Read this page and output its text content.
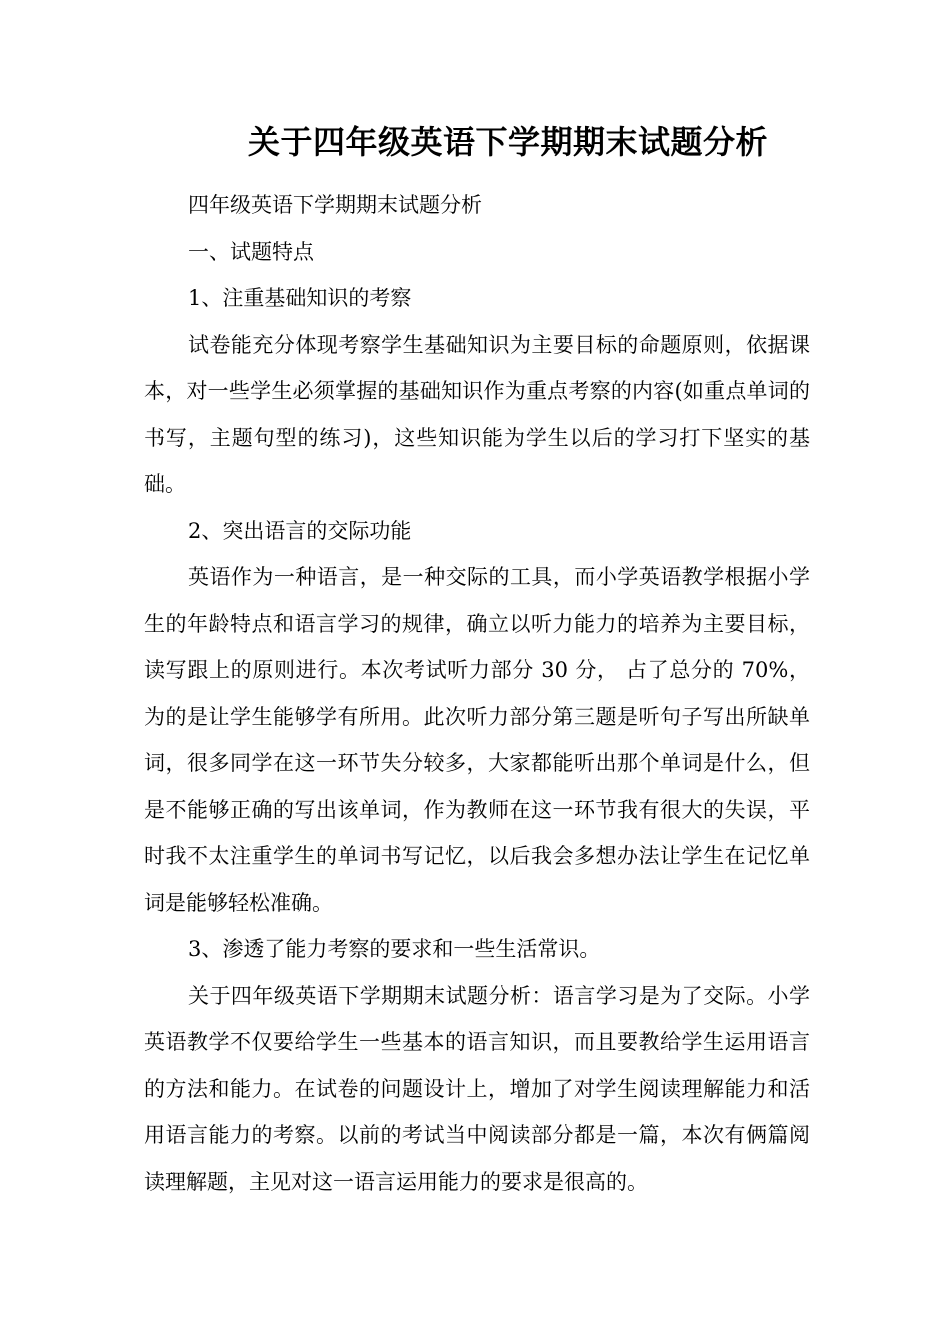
关于四年级英语下学期期末试题分析

四年级英语下学期期末试题分析

一、试题特点

1、注重基础知识的考察

试卷能充分体现考察学生基础知识为主要目标的命题原则，依据课本，对一些学生必须掌握的基础知识作为重点考察的内容(如重点单词的书写，主题句型的练习)，这些知识能为学生以后的学习打下坚实的基础。

2、突出语言的交际功能

英语作为一种语言，是一种交际的工具，而小学英语教学根据小学生的年龄特点和语言学习的规律，确立以听力能力的培养为主要目标，读写跟上的原则进行。本次考试听力部分 30 分， 占了总分的 70%，为的是让学生能够学有所用。此次听力部分第三题是听句子写出所缺单词，很多同学在这一环节失分较多，大家都能听出那个单词是什么，但是不能够正确的写出该单词，作为教师在这一环节我有很大的失误，平时我不太注重学生的单词书写记忆，以后我会多想办法让学生在记忆单词是能够轻松准确。

3、渗透了能力考察的要求和一些生活常识。

关于四年级英语下学期期末试题分析：语言学习是为了交际。小学英语教学不仅要给学生一些基本的语言知识，而且要教给学生运用语言的方法和能力。在试卷的问题设计上，增加了对学生阅读理解能力和活用语言能力的考察。以前的考试当中阅读部分都是一篇，本次有俩篇阅读理解题，主见对这一语言运用能力的要求是很高的。
